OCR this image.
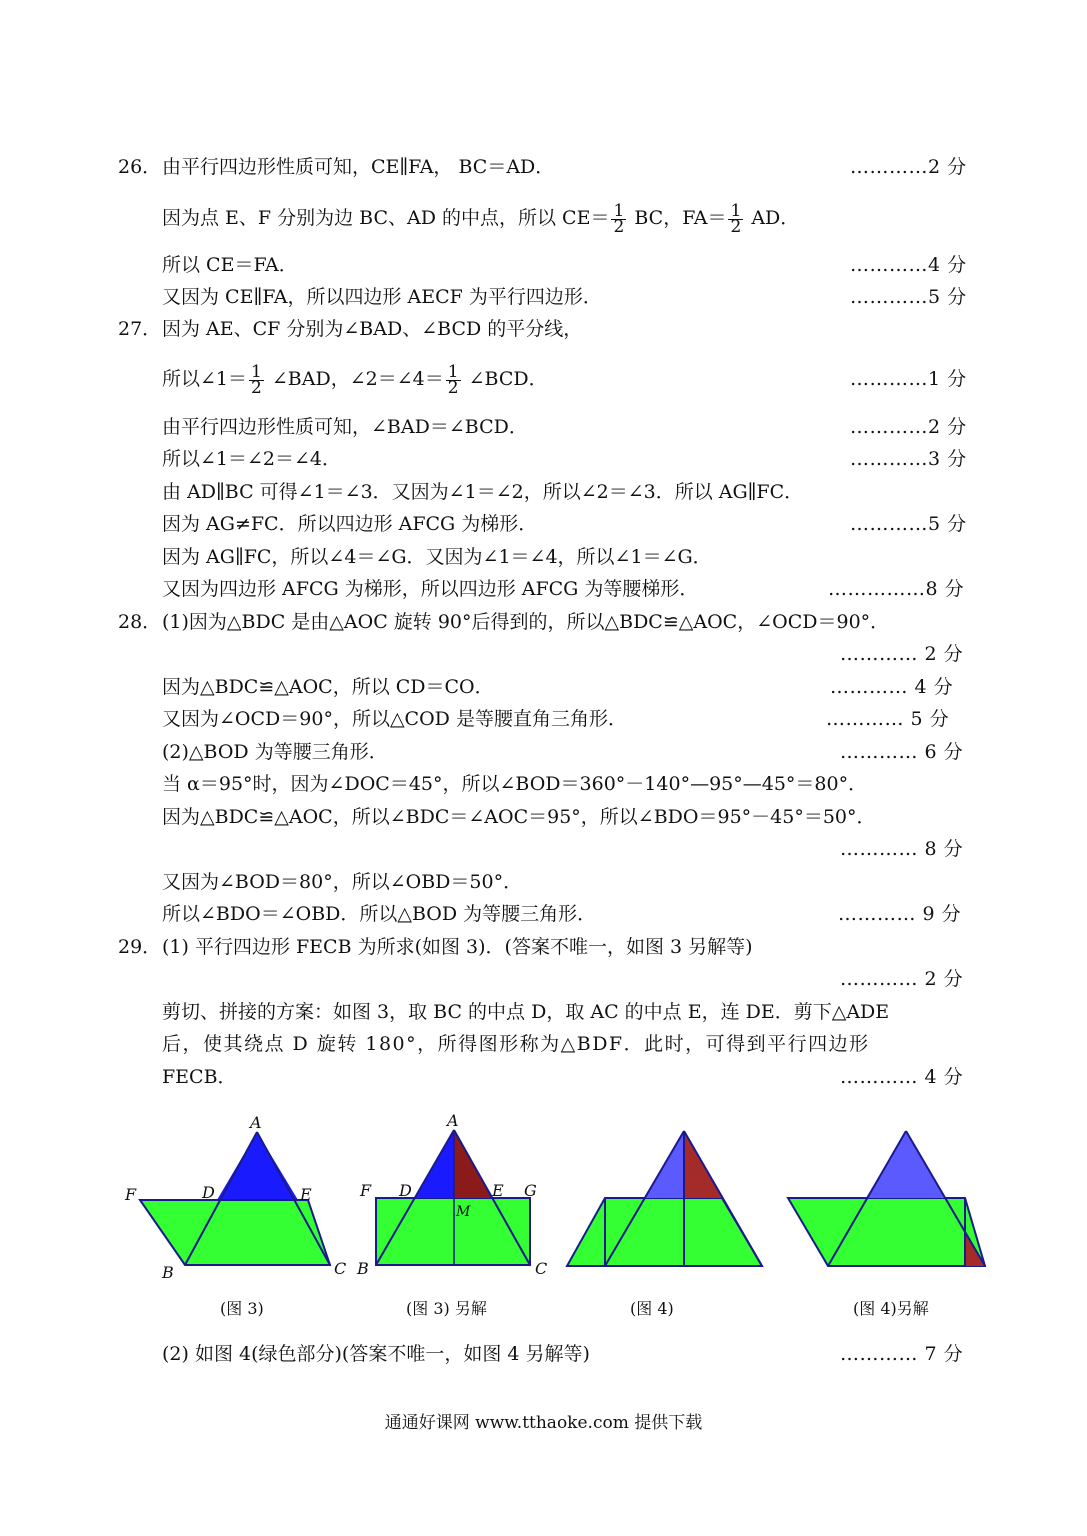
26． 由平行四边形性质可知，CE∥FA， BC＝AD．	…………2 分
因为点 E、F 分别为边 BC、AD 的中点，所以 $CE= \frac{1}{2}$ BC，$FA= \frac{1}{2}$ AD．
所以 CE＝FA．	…………4 分
又因为 CE∥FA，所以四边形 AECF 为平行四边形．	…………5 分
27． 因为 AE、CF 分别为∠BAD、∠BCD 的平分线，
所以∠1＝ $\frac{1}{2}$ ∠BAD，∠2＝∠4＝ $\frac{1}{2}$ ∠BCD．	…………1 分
由平行四边形性质可知，∠BAD＝∠BCD．	…………2 分
所以∠1＝∠2＝∠4．	…………3 分
由 AD∥BC 可得∠1＝∠3．又因为∠1＝∠2，所以∠2＝∠3．所以 AG∥FC．
因为 AG≠FC．所以四边形 AFCG 为梯形．	…………5 分
因为 AG∥FC，所以∠4＝∠G．又因为∠1＝∠4，所以∠1＝∠G．
又因为四边形 AFCG 为梯形，所以四边形 AFCG 为等腰梯形．	……………8 分
28． (1)因为△BDC 是由△AOC 旋转 90°后得到的，所以△BDC≌△AOC，∠OCD＝90°．
………… 2 分
因为△BDC≌△AOC，所以 CD＝CO．	………… 4 分
又因为∠OCD＝90°，所以△COD 是等腰直角三角形．	………… 5 分
(2)△BOD 为等腰三角形．	………… 6 分
当 α＝95°时，因为∠DOC＝45°，所以∠BOD＝360°－140°—95°—45°＝80°．
因为△BDC≌△AOC，所以∠BDC＝∠AOC＝95°，所以∠BDO＝95°－45°＝50°．
………… 8 分
又因为∠BOD＝80°，所以∠OBD＝50°．
所以∠BDO＝∠OBD．所以△BOD 为等腰三角形．	………… 9 分
29． (1) 平行四边形 FECB 为所求(如图 3)．(答案不唯一，如图 3 另解等)
………… 2 分
剪切、拼接的方案：如图 3，取 BC 的中点 D，取 AC 的中点 E，连 DE．剪下△ADE
后，使其绕点 D 旋转 180°，所得图形称为△BDF．此时，可得到平行四边形
FECB．	………… 4 分
A
F	D	E
B	C
A
F D	E G
M
B	C
(图 3)	(图 3) 另解	(图 4)	(图 4)另解
(2) 如图 4(绿色部分)(答案不唯一，如图 4 另解等)	………… 7 分
通通好课网 www.tthaoke.com 提供下载
